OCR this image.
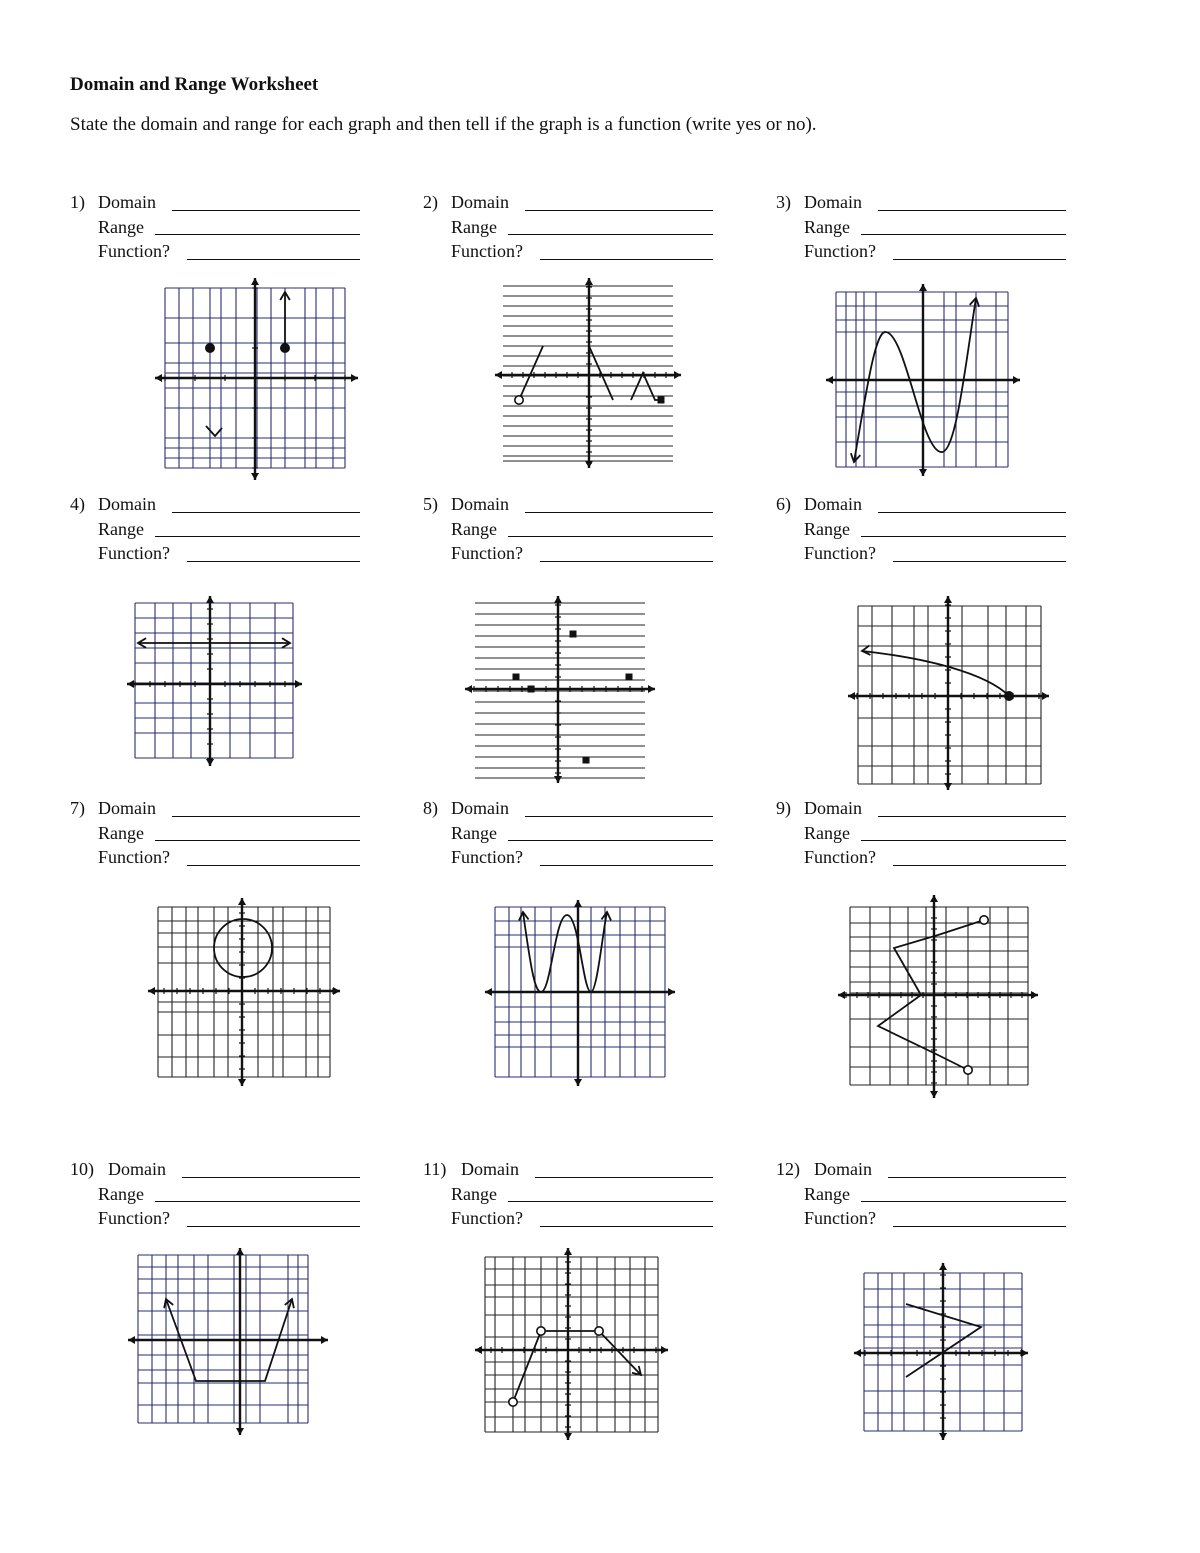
Domain and Range Worksheet
State the domain and range for each graph and then tell if the graph is a function (write yes or no).
1) Domain
Range
Function?
2) Domain
Range
Function?
3) Domain
Range
Function?
4) Domain
Range
Function?
5) Domain
Range
Function?
6) Domain
Range
Function?
7) Domain
Range
Function?
8) Domain
Range
Function?
9) Domain
Range
Function?
10) Domain
Range
Function?
11) Domain
Range
Function?
12) Domain
Range
Function?
